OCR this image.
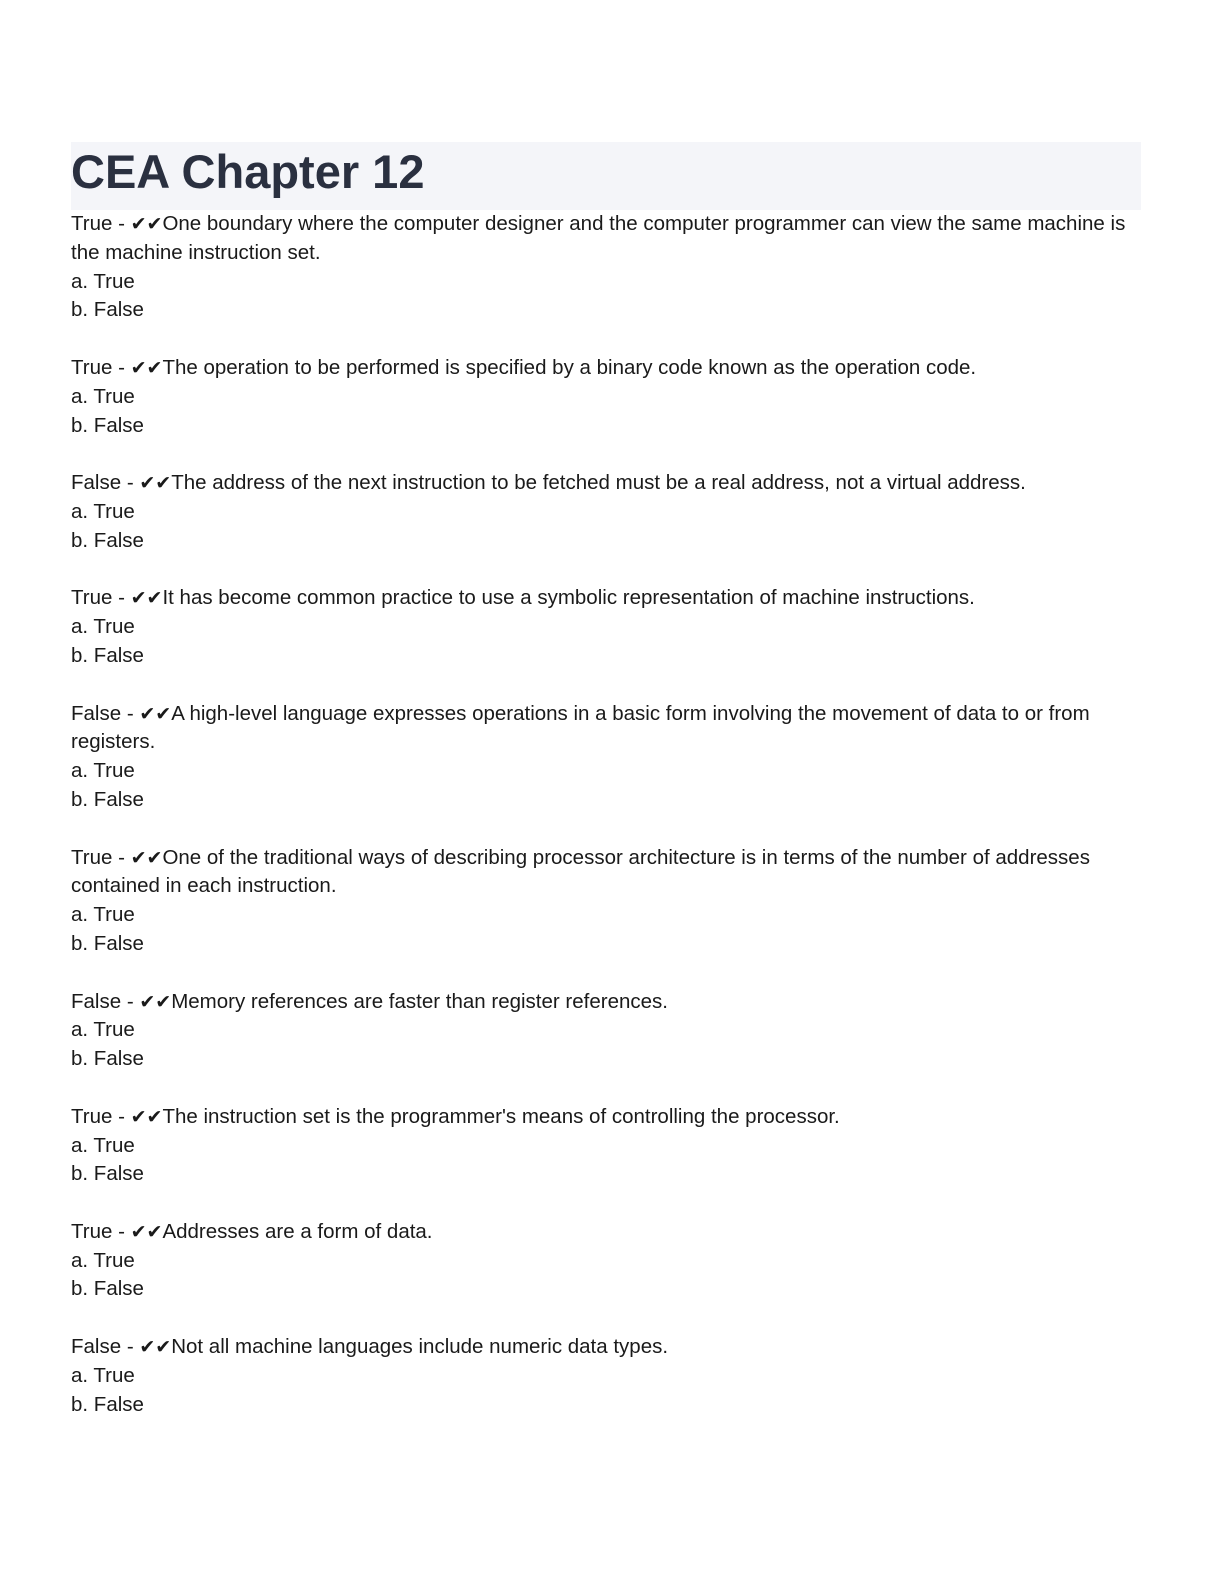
CEA Chapter 12
True - ✔✔One boundary where the computer designer and the computer programmer can view the same machine is the machine instruction set.
a. True
b. False
True - ✔✔The operation to be performed is specified by a binary code known as the operation code.
a. True
b. False
False - ✔✔The address of the next instruction to be fetched must be a real address, not a virtual address.
a. True
b. False
True - ✔✔It has become common practice to use a symbolic representation of machine instructions.
a. True
b. False
False - ✔✔A high-level language expresses operations in a basic form involving the movement of data to or from registers.
a. True
b. False
True - ✔✔One of the traditional ways of describing processor architecture is in terms of the number of addresses contained in each instruction.
a. True
b. False
False - ✔✔Memory references are faster than register references.
a. True
b. False
True - ✔✔The instruction set is the programmer's means of controlling the processor.
a. True
b. False
True - ✔✔Addresses are a form of data.
a. True
b. False
False - ✔✔Not all machine languages include numeric data types.
a. True
b. False
